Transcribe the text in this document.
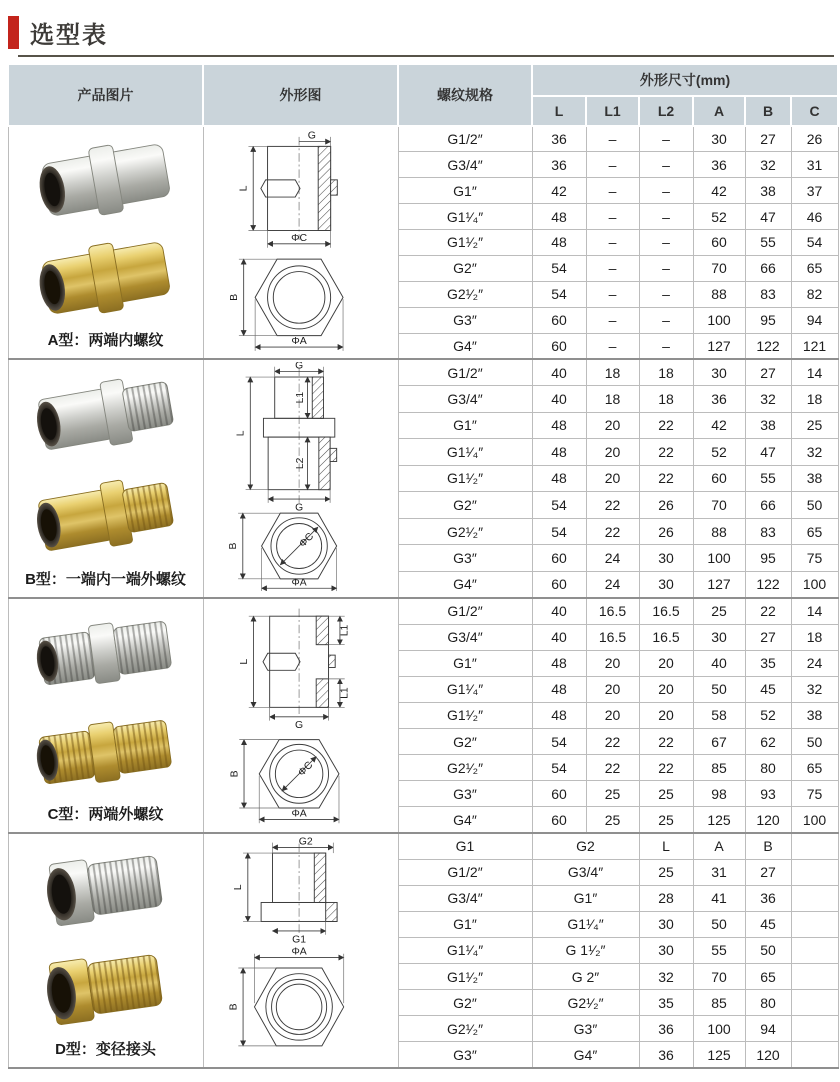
选型表
产品图片	外形图	螺纹规格	外形尺寸(mm)					
			L	L1	L2	A	B	C

A型：两端内螺纹	G
L
ΦC
B
ΦA	G1/2″	36	–	–	30	27	26
		G3/4″	36	–	–	36	32	31
		G1″	42	–	–	42	38	37
		G1¹⁄₄″	48	–	–	52	47	46
		G1¹⁄₂″	48	–	–	60	55	54
		G2″	54	–	–	70	66	65
		G2¹⁄₂″	54	–	–	88	83	82
		G3″	60	–	–	100	95	94
		G4″	60	–	–	127	122	121

B型：一端内一端外螺纹

G
L
L1
L2
G
ΦC
B
ΦA
	G1/2″	40	18	18	30	27	14
		G3/4″	40	18	18	36	32	18
		G1″	48	20	22	42	38	25
		G1¹⁄₄″	48	20	22	52	47	32
		G1¹⁄₂″	48	20	22	60	55	38
		G2″	54	22	26	70	66	50
		G2¹⁄₂″	54	22	26	88	83	65
		G3″	60	24	30	100	95	75
		G4″	60	24	30	127	122	100

C型：两端外螺纹

L
L1
L1
G
ΦC
B
ΦA
	G1/2″	40	16.5	16.5	25	22	14
		G3/4″	40	16.5	16.5	30	27	18
		G1″	48	20	20	40	35	24
		G1¹⁄₄″	48	20	20	50	45	32
		G1¹⁄₂″	48	20	20	58	52	38
		G2″	54	22	22	67	62	50
		G2¹⁄₂″	54	22	22	85	80	65
		G3″	60	25	25	98	93	75
		G4″	60	25	25	125	120	100

D型：变径接头	G2
L
G1
ΦA
B	G1	G2		L	A	B	
		G1/2″	G3/4″		25	31	27	
		G3/4″	G1″		28	41	36	
		G1″	G1¹⁄₄″		30	50	45	
		G1¹⁄₄″	G 1¹⁄₂″		30	55	50	
		G1¹⁄₂″	G 2″		32	70	65	
		G2″	G2¹⁄₂″		35	85	80	
		G2¹⁄₂″	G3″		36	100	94	
		G3″	G4″		36	125	120	
